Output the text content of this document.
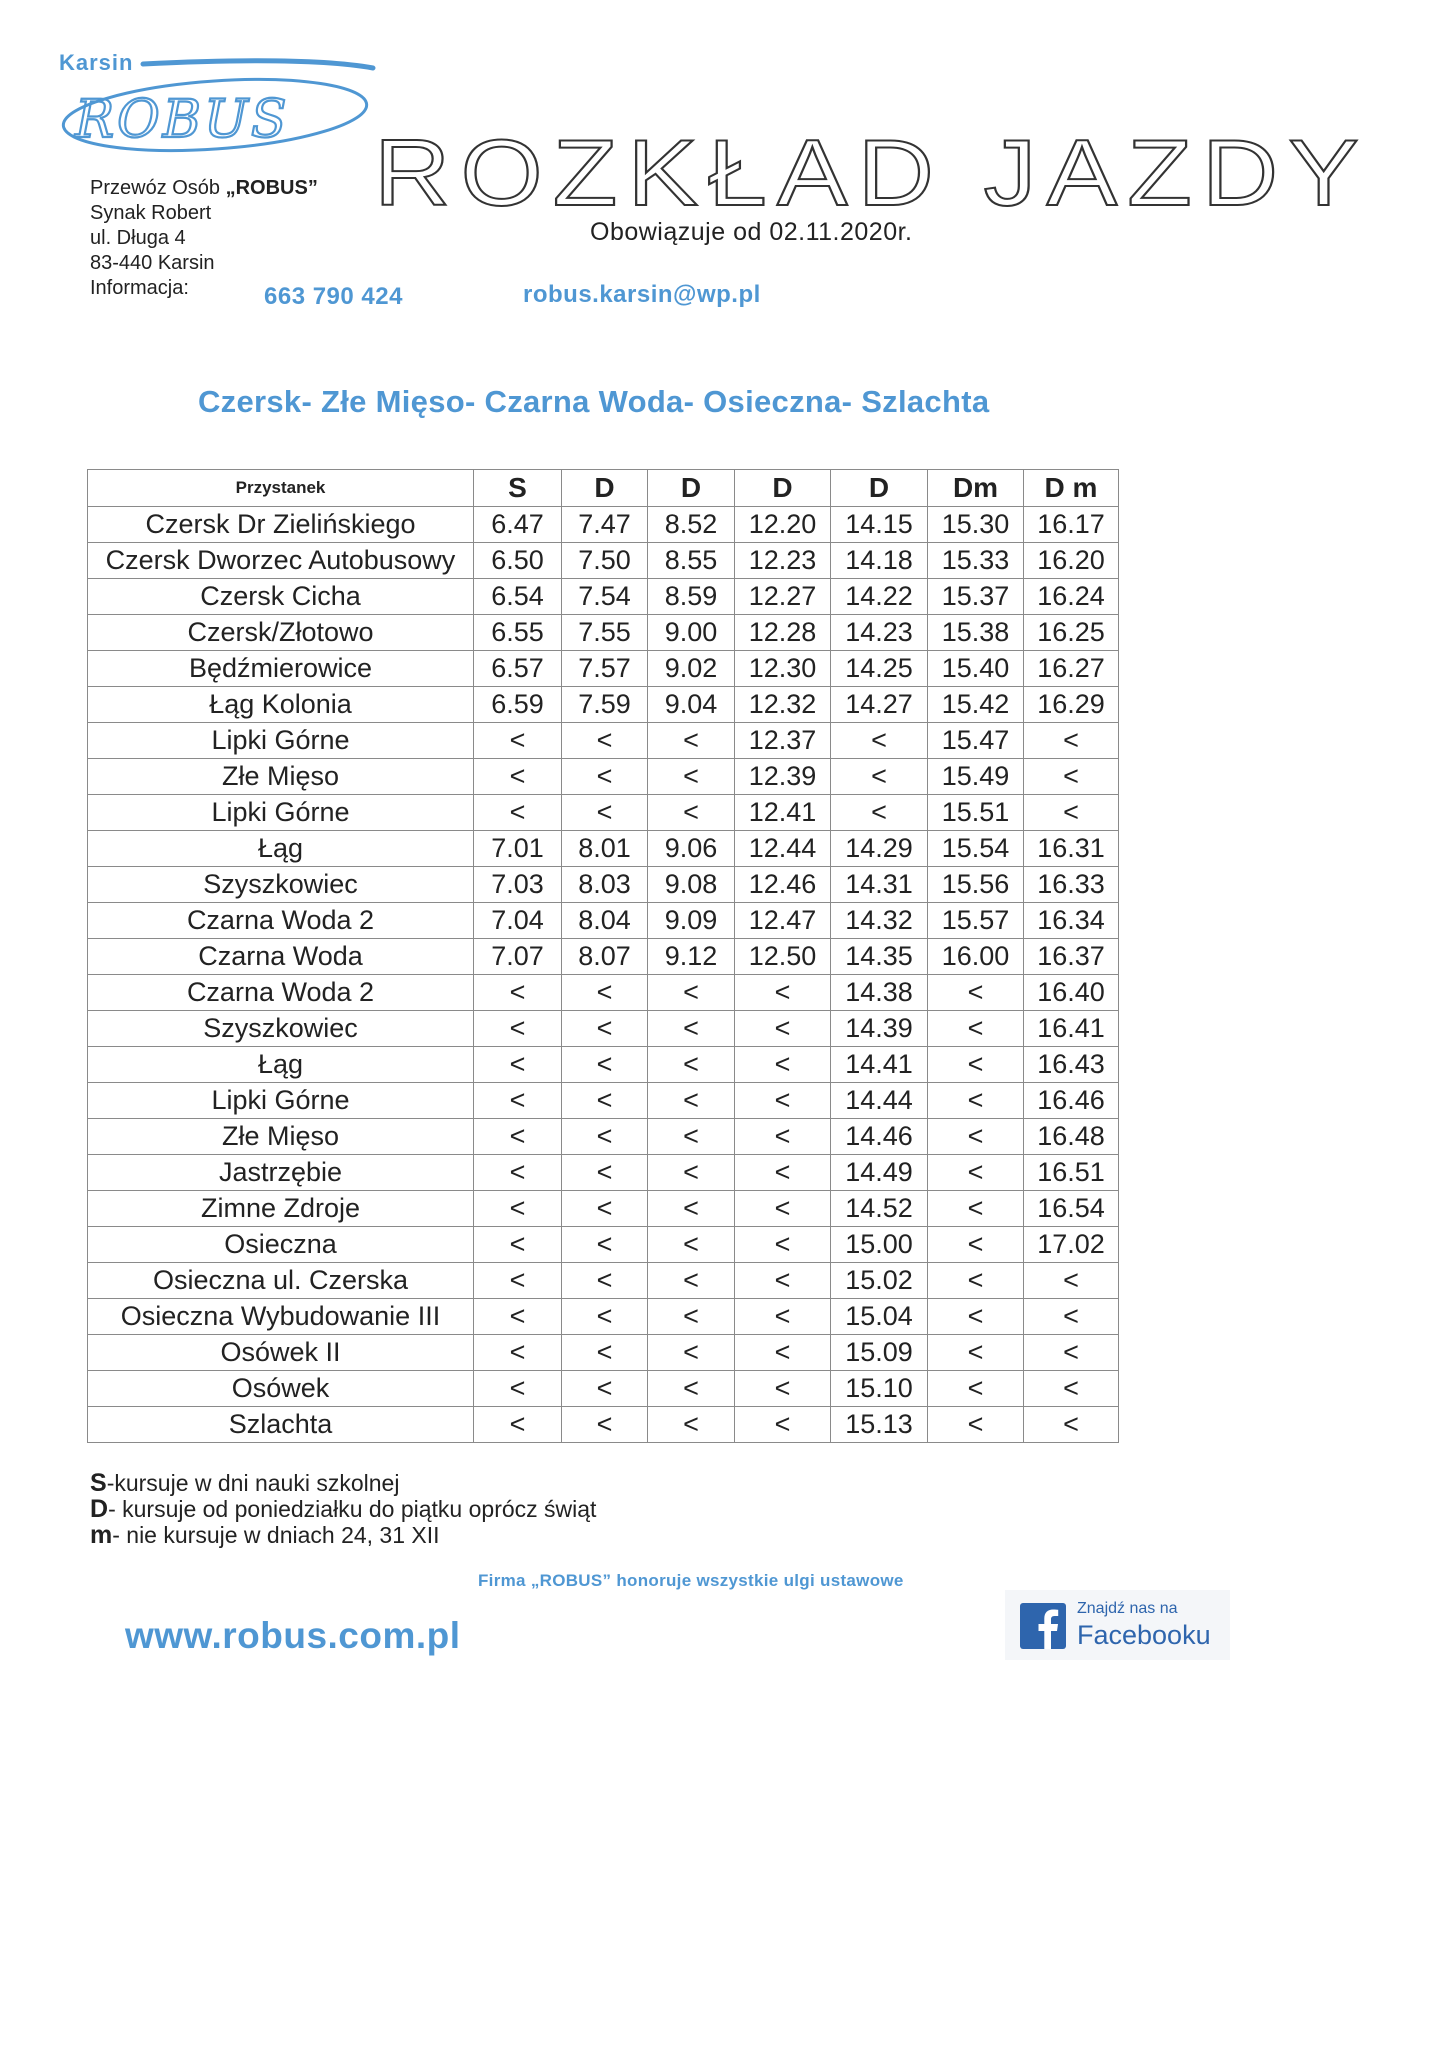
Karsin
ROBUS
Przewóz Osób „ROBUS”
Synak Robert
ul. Długa 4
83-440 Karsin
Informacja:	663 790 424	robus.karsin@wp.pl
ROZKŁAD JAZDY
Obowiązuje od 02.11.2020r.
Czersk- Złe Mięso- Czarna Woda- Osieczna- Szlachta
Przystanek	S	D	D	D	D	Dm	D m
Czersk Dr Zielińskiego	6.47	7.47	8.52	12.20	14.15	15.30	16.17
Czersk Dworzec Autobusowy	6.50	7.50	8.55	12.23	14.18	15.33	16.20
Czersk Cicha	6.54	7.54	8.59	12.27	14.22	15.37	16.24
Czersk/Złotowo	6.55	7.55	9.00	12.28	14.23	15.38	16.25
Będźmierowice	6.57	7.57	9.02	12.30	14.25	15.40	16.27
Łąg Kolonia	6.59	7.59	9.04	12.32	14.27	15.42	16.29
Lipki Górne	<	<	<	12.37	<	15.47	<
Złe Mięso	<	<	<	12.39	<	15.49	<
Lipki Górne	<	<	<	12.41	<	15.51	<
Łąg	7.01	8.01	9.06	12.44	14.29	15.54	16.31
Szyszkowiec	7.03	8.03	9.08	12.46	14.31	15.56	16.33
Czarna Woda 2	7.04	8.04	9.09	12.47	14.32	15.57	16.34
Czarna Woda	7.07	8.07	9.12	12.50	14.35	16.00	16.37
Czarna Woda 2	<	<	<	<	14.38	<	16.40
Szyszkowiec	<	<	<	<	14.39	<	16.41
Łąg	<	<	<	<	14.41	<	16.43
Lipki Górne	<	<	<	<	14.44	<	16.46
Złe Mięso	<	<	<	<	14.46	<	16.48
Jastrzębie	<	<	<	<	14.49	<	16.51
Zimne Zdroje	<	<	<	<	14.52	<	16.54
Osieczna	<	<	<	<	15.00	<	17.02
Osieczna ul. Czerska	<	<	<	<	15.02	<	<
Osieczna Wybudowanie III	<	<	<	<	15.04	<	<
Osówek II	<	<	<	<	15.09	<	<
Osówek	<	<	<	<	15.10	<	<
Szlachta	<	<	<	<	15.13	<	<
S-kursuje w dni nauki szkolnej
D- kursuje od poniedziałku do piątku oprócz świąt
m- nie kursuje w dniach 24, 31 XII
Firma „ROBUS” honoruje wszystkie ulgi ustawowe
www.robus.com.pl
Znajdź nas na
Facebooku
